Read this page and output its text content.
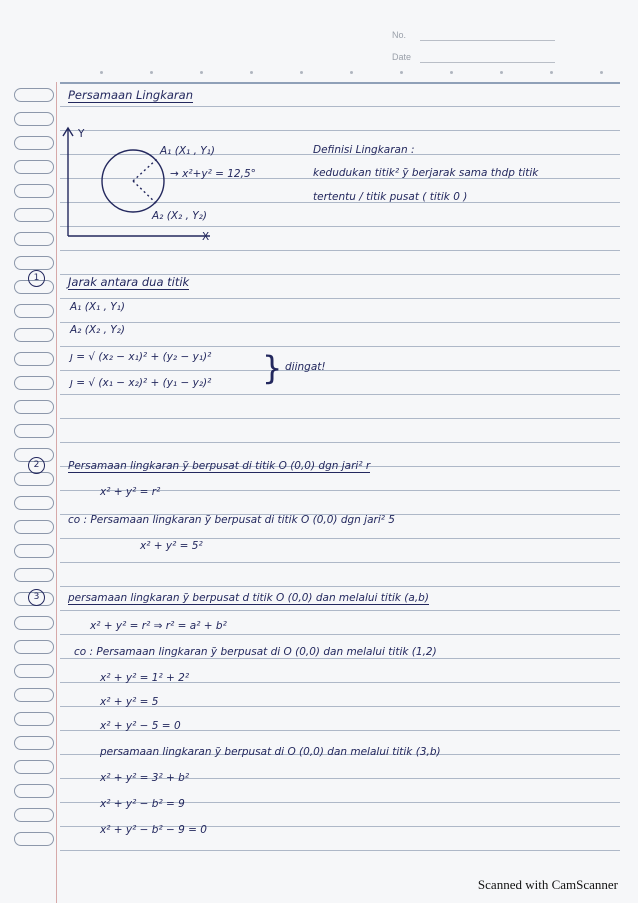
No.
Date
Persamaan Lingkaran
Y
X
A₁ (X₁ , Y₁)
→ x²+y² = 12,5°
A₂ (X₂ , Y₂)
Definisi Lingkaran :
kedudukan titik² ỹ berjarak sama thdp titik
tertentu / titik pusat ( titik 0 )
1	Jarak antara dua titik
A₁ (X₁ , Y₁)
A₂ (X₂ , Y₂)
ȷ = √ (x₂ − x₁)² + (y₂ − y₁)²
ȷ = √ (x₁ − x₂)² + (y₁ − y₂)² } diingat!
2	Persamaan lingkaran ỹ berpusat di titik O (0,0) dgn jari² r
x² + y² = r²
co : Persamaan lingkaran ỹ berpusat di titik O (0,0) dgn jari² 5
x² + y² = 5²
3	persamaan lingkaran ỹ berpusat d titik O (0,0) dan melalui titik (a,b)
x² + y² = r² ⇒ r² = a² + b²
co : Persamaan lingkaran ỹ berpusat di O (0,0) dan melalui titik (1,2)
x² + y² = 1² + 2²
x² + y² = 5
x² + y² − 5 = 0
persamaan lingkaran ỹ berpusat di O (0,0) dan melalui titik (3,b)
x² + y² = 3² + b²
x² + y² − b² = 9
x² + y² − b² − 9 = 0
Scanned with CamScanner
